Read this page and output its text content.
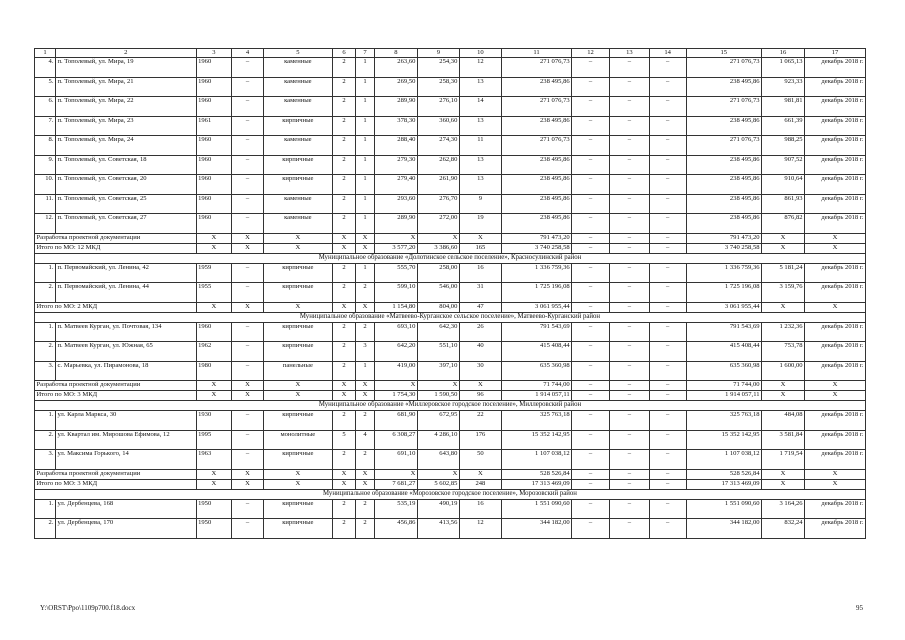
1	2	3	4	5	6	7	8	9	10	11	12	13	14	15	16	17
4.	п. Тополевый, ул. Мира, 19	1960	–	каменные	2	1	263,60	254,30	12	271 076,73	–	–	–	271 076,73	1 065,13	декабрь 2018 г.
5.	п. Тополевый, ул. Мира, 21	1960	–	каменные	2	1	269,50	258,30	13	238 495,86	–	–	–	238 495,86	923,33	декабрь 2018 г.
6.	п. Тополевый, ул. Мира, 22	1960	–	каменные	2	1	289,90	276,10	14	271 076,73	–	–	–	271 076,73	981,81	декабрь 2018 г.
7.	п. Тополевый, ул. Мира, 23	1961	–	кирпичные	2	1	378,30	360,60	13	238 495,86	–	–	–	238 495,86	661,39	декабрь 2018 г.
8.	п. Тополевый, ул. Мира, 24	1960	–	каменные	2	1	288,40	274,30	11	271 076,73	–	–	–	271 076,73	988,25	декабрь 2018 г.
9.	п. Тополевый, ул. Советская, 18	1960	–	кирпичные	2	1	279,30	262,80	13	238 495,86	–	–	–	238 495,86	907,52	декабрь 2018 г.
10.	п. Тополевый, ул. Советская, 20	1960	–	кирпичные	2	1	279,40	261,90	13	238 495,86	–	–	–	238 495,86	910,64	декабрь 2018 г.
11.	п. Тополевый, ул. Советская, 25	1960	–	каменные	2	1	293,60	276,70	9	238 495,86	–	–	–	238 495,86	861,93	декабрь 2018 г.
12.	п. Тополевый, ул. Советская, 27	1960	–	каменные	2	1	289,90	272,00	19	238 495,86	–	–	–	238 495,86	876,82	декабрь 2018 г.
Разработка проектной документации		X	X	X	X	X	X	X	X	791 473,20	–	–	–	791 473,20	X	X
Итого по МО: 12 МКД		X	X	X	X	X	3 577,20	3 386,60	165	3 740 258,58	–	–	–	3 740 258,58	X	X
Муниципальное образование «Долотинское сельское поселение», Красносулинский район																
1.	п. Первомайский, ул. Ленина, 42	1959	–	кирпичные	2	1	555,70	258,00	16	1 336 759,36	–	–	–	1 336 759,36	5 181,24	декабрь 2018 г.
2.	п. Первомайский, ул. Ленина, 44	1955	–	кирпичные	2	2	599,10	546,00	31	1 725 196,08	–	–	–	1 725 196,08	3 159,76	декабрь 2018 г.
Итого по МО: 2 МКД		X	X	X	X	X	1 154,80	804,00	47	3 061 955,44	–	–	–	3 061 955,44	X	X
Муниципальное образование «Матвеево-Курганское сельское поселение», Матвеево-Курганский район																
1.	п. Матвеев Курган, ул. Почтовая, 134	1960	–	кирпичные	2	2	693,10	642,30	26	791 543,69	–	–	–	791 543,69	1 232,36	декабрь 2018 г.
2.	п. Матвеев Курган, ул. Южная, 65	1962	–	кирпичные	2	3	642,20	551,10	40	415 408,44	–	–	–	415 408,44	753,78	декабрь 2018 г.
3.	с. Марьевка, ул. Пирамонова, 18	1980	–	панельные	2	1	419,00	397,10	30	635 360,98	–	–	–	635 360,98	1 600,00	декабрь 2018 г.
Разработка проектной документации		X	X	X	X	X	X	X	X	71 744,00	–	–	–	71 744,00	X	X
Итого по МО: 3 МКД		X	X	X	X	X	1 754,30	1 590,50	96	1 914 057,11	–	–	–	1 914 057,11	X	X
Муниципальное образование «Миллеровское городское поселение», Миллеровский район																
1.	ул. Карла Маркса, 30	1930	–	кирпичные	2	2	681,90	672,95	22	325 763,18	–	–	–	325 763,18	484,08	декабрь 2018 г.
2.	ул. Квартал им. Мирошова Ефимова, 12	1995	–	монолитные	5	4	6 308,27	4 286,10	176	15 352 142,95	–	–	–	15 352 142,95	3 581,84	декабрь 2018 г.
3.	ул. Максима Горького, 14	1963	–	кирпичные	2	2	691,10	643,80	50	1 107 038,12	–	–	–	1 107 038,12	1 719,54	декабрь 2018 г.
Разработка проектной документации		X	X	X	X	X	X	X	X	528 526,84	–	–	–	528 526,84	X	X
Итого по МО: 3 МКД		X	X	X	X	X	7 681,27	5 602,85	248	17 313 469,09	–	–	–	17 313 469,09	X	X
Муниципальное образование «Морозовское городское поселение», Морозовский район																
1.	ул. Дербенцева, 168	1950	–	кирпичные	2	2	535,19	490,19	16	1 551 090,60	–	–	–	1 551 090,60	3 164,26	декабрь 2018 г.
2.	ул. Дербенцева, 170	1950	–	кирпичные	2	2	456,86	413,56	12	344 182,00	–	–	–	344 182,00	832,24	декабрь 2018 г.
Y:\ORST\Ppo\1109p700.f18.docx	95
